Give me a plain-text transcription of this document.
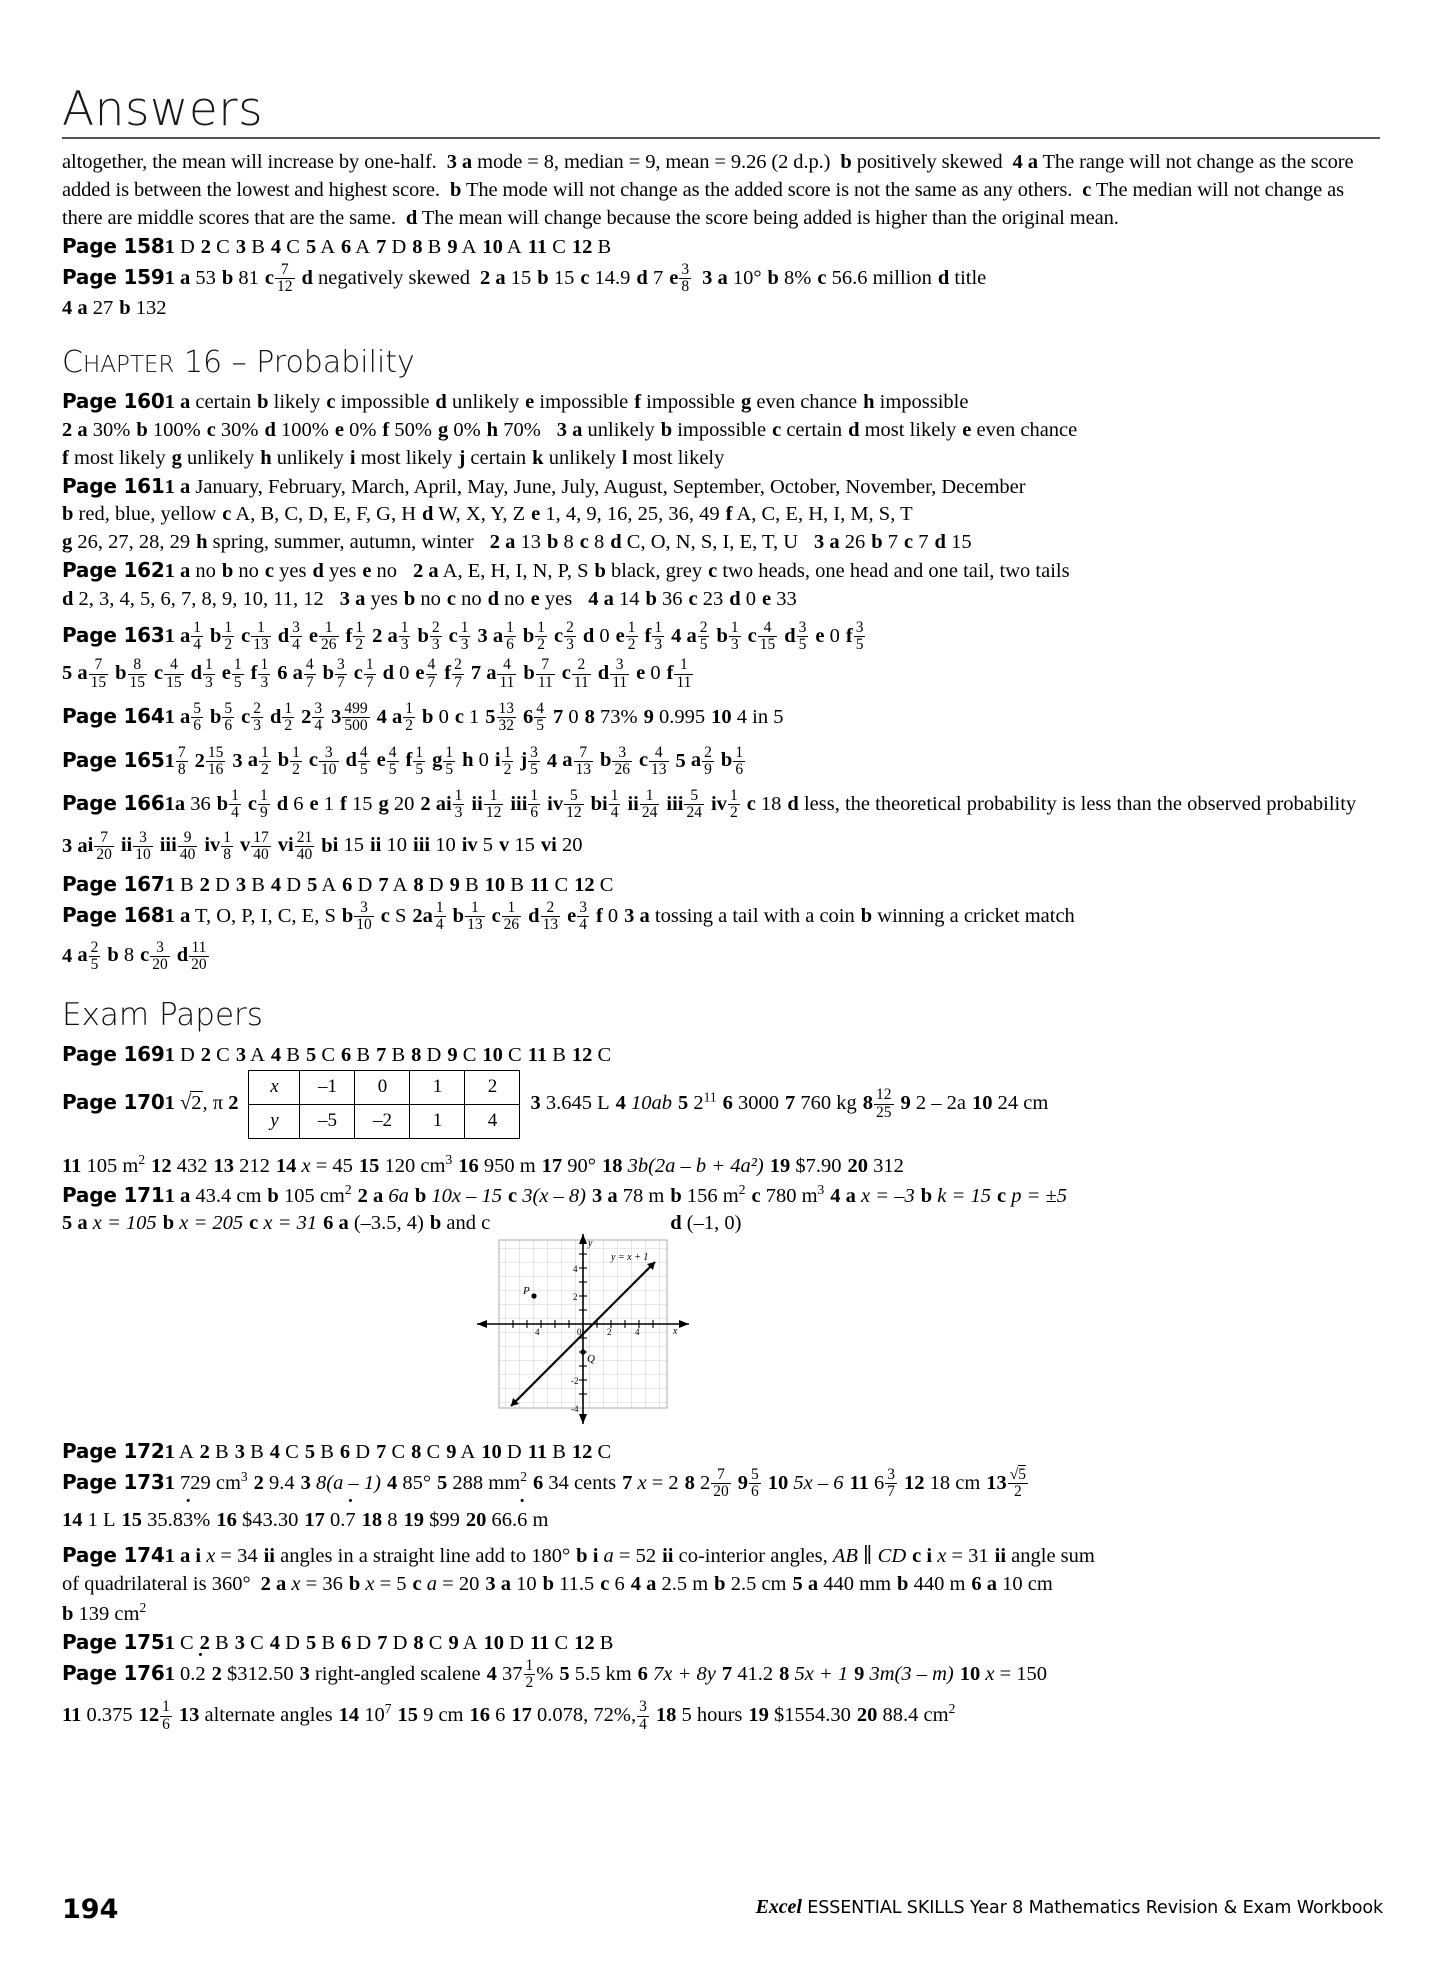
Answers
altogether, the mean will increase by one-half. 3 a mode = 8, median = 9, mean = 9.26 (2 d.p.) b positively skewed 4 a The range will not change as the score added is between the lowest and highest score. b The mode will not change as the added score is not the same as any others. c The median will not change as there are middle scores that are the same. d The mean will change because the score being added is higher than the original mean.
Page 1581 D 2 C 3 B 4 C 5 A 6 A 7 D 8 B 9 A 10 A 11 C 12 B
Page 1591 a 53 b 81 c $\frac{7}{12}$ d negatively skewed 2 a 15 b 15 c 14.9 d 7 e $\frac{3}{8} 3$ a 10° b 8% c 56.6 million d title
4 a 27 b 132
CHAPTER 16 – Probability
Page 1601 a certain b likely c impossible d unlikely e impossible f impossible g even chance h impossible
2 a 30% b 100% c 30% d 100% e 0% f 50% g 0% h 70% 3 a unlikely b impossible c certain d most likely e even chance
f most likely g unlikely h unlikely i most likely j certain k unlikely l most likely
Page 1611 a January, February, March, April, May, June, July, August, September, October, November, December
b red, blue, yellow c A, B, C, D, E, F, G, H d W, X, Y, Z e 1, 4, 9, 16, 25, 36, 49 f A, C, E, H, I, M, S, T
g 26, 27, 28, 29 h spring, summer, autumn, winter 2 a 13 b 8 c 8 d C, O, N, S, I, E, T, U 3 a 26 b 7 c 7 d 15
Page 1621 a no b no c yes d yes e no 2 a A, E, H, I, N, P, S b black, grey c two heads, one head and one tail, two tails
d 2, 3, 4, 5, 6, 7, 8, 9, 10, 11, 12 3 a yes b no c no d no e yes 4 a 14 b 36 c 23 d 0 e 33
Page 1631 a $\frac{1}{4}$ b $\frac{1}{2}$ c $\frac{1}{13}$ d $\frac{3}{4}$ e $\frac{1}{26}$ f $\frac{1}{2} 2$ a $\frac{1}{3}$ b $\frac{2}{3}$ c $\frac{1}{3} 3$ a $\frac{1}{6}$ b $\frac{1}{2}$ c $\frac{2}{3}$ d 0 e $\frac{1}{2}$ f $\frac{1}{3} 4$ a $\frac{2}{5}$ b $\frac{1}{3}$ c $\frac{4}{15}$ d $\frac{3}{5}$ e 0 f $\frac{3}{5}$
5 a $\frac{7}{15}$ b $\frac{8}{15}$ c $\frac{4}{15}$ d $\frac{1}{3}$ e $\frac{1}{5}$ f $\frac{1}{3} 6$ a $\frac{4}{7}$ b $\frac{3}{7}$ c $\frac{1}{7}$ d 0 e $\frac{4}{7}$ f $\frac{2}{7} 7$ a $\frac{4}{11}$ b $\frac{7}{11}$ c $\frac{2}{11}$ d $\frac{3}{11}$ e 0 f $\frac{1}{11}$
Page 1641 a $\frac{5}{6}$ b $\frac{5}{6}$ c $\frac{2}{3}$ d $\frac{1}{2} 2 \frac{3}{4} 3 \frac{499}{500} 4$ a $\frac{1}{2}$ b 0 c 1 $5 \frac{13}{32} 6 \frac{4}{5} 7$ 0 8 73% 9 0.995 10 4 in 5
Page $1651 \frac{7}{8} 2 \frac{15}{16} 3$ a $\frac{1}{2}$ b $\frac{1}{2}$ c $\frac{3}{10}$ d $\frac{4}{5}$ e $\frac{4}{5}$ f $\frac{1}{5}$ g $\frac{1}{5}$ h 0 i $\frac{1}{2}$ j $\frac{3}{5} 4$ a $\frac{7}{13}$ b $\frac{3}{26}$ c $\frac{4}{13} 5$ a $\frac{2}{9}$ b $\frac{1}{6}$
Page 1661a 36 b $\frac{1}{4}$ c $\frac{1}{9}$ d 6 e 1 f 15 g 20 2 ai $\frac{1}{3}$ ii $\frac{1}{12}$ iii $\frac{1}{6}$ iv $\frac{5}{12}$ bi $\frac{1}{4}$ ii $\frac{1}{24}$ iii $\frac{5}{24}$ iv $\frac{1}{2}$ c 18 d less, the theoretical probability is less than the observed probability
3 ai $\frac{7}{20}$ ii $\frac{3}{10}$ iii $\frac{9}{40}$ iv $\frac{1}{8}$ v $\frac{17}{40}$ vi $\frac{21}{40}$ bi 15 ii 10 iii 10 iv 5 v 15 vi 20
Page 1671 B 2 D 3 B 4 D 5 A 6 D 7 A 8 D 9 B 10 B 11 C 12 C
Page 1681 a T, O, P, I, C, E, S b $\frac{3}{10}$ c S $2a \frac{1}{4}$ b $\frac{1}{13}$ c $\frac{1}{26}$ d $\frac{2}{13}$ e $\frac{3}{4}$ f 0 3 a tossing a tail with a coin b winning a cricket match
4 a $\frac{2}{5}$ b 8 c $\frac{3}{20}$ d $\frac{11}{20}$
Exam Papers
Page 1691 D 2 C 3 A 4 B 5 C 6 B 7 B 8 D 9 C 10 C 11 B 12 C
Page 1701 √2, π 2
x	–1	0	1	2
y	–5	–2	1	4
3 3.645 L 4 10ab 5 $2^{11}$ 6 3000 7 760 kg $8 \frac{12}{25} 9$ 2 – 2a 10 24 cm
11 105 $m^2$ 12 432 13 212 14 x = 45 15 120 $cm^3$ 16 950 m 17 90° 18 3b(2a – b + 4a²) 19 $7.90 20 312
Page 1711 a 43.4 cm b 105 $cm^2$ 2 a 6a b 10x – 15 c 3(x – 8) 3 a 78 m b 156 $m^2$ c 780 $m^3$ 4 a x = –3 b k = 15 c p = ±5
5 a x = 105 b x = 205 c x = 31 6 a (–3.5, 4) b and c	d (–1, 0)
P
Q
y
x
y = x + 1
4	0	2	4
4
2
-2
-4
Page 1721 A 2 B 3 B 4 C 5 B 6 D 7 C 8 C 9 A 10 D 11 B 12 C
Page 1731 729 $cm^3$ 2 9.4 3 8(a – 1) 4 85° 5 288 $mm^2$ 6 34 cents 7 x = 2 8 $2 \frac{7}{20} 9 \frac{5}{6} 10$ 5x – 6 11 $6 \frac{3}{7} 12$ 18 cm $13 \frac{√5}{2}$
14 1 L 15 35.83 ·% 16 $43.30 17 0.7 · 18 8 19 $99 20 66.6 · m
Page 1741 a i x = 34 ii angles in a straight line add to 180° b i a = 52 ii co-interior angles, AB ∥ CD c i x = 31 ii angle sum
of quadrilateral is 360° 2 a x = 36 b x = 5 c a = 20 3 a 10 b 11.5 c 6 4 a 2.5 m b 2.5 cm 5 a 440 mm b 440 m 6 a 10 cm
b 139 $cm^2$
Page 1751 C 2 B 3 C 4 D 5 B 6 D 7 D 8 C 9 A 10 D 11 C 12 B
Page 1761 0.2 · 2 $312.50 3 right-angled scalene 4 $37 \frac{1}{2}$ % 5 5.5 km 6 7x + 8y 7 41.2 8 5x + 1 9 3m(3 – m) 10 x = 150
11 0.375 $12 \frac{1}{6} 13$ alternate angles 14 $10^7$ 15 9 cm 16 6 17 0.078, 72%, $\frac{3}{4} 18$ 5 hours 19 $1554.30 20 88.4 $cm^2$
194	Excel ESSENTIAL SKILLS Year 8 Mathematics Revision & Exam Workbook
